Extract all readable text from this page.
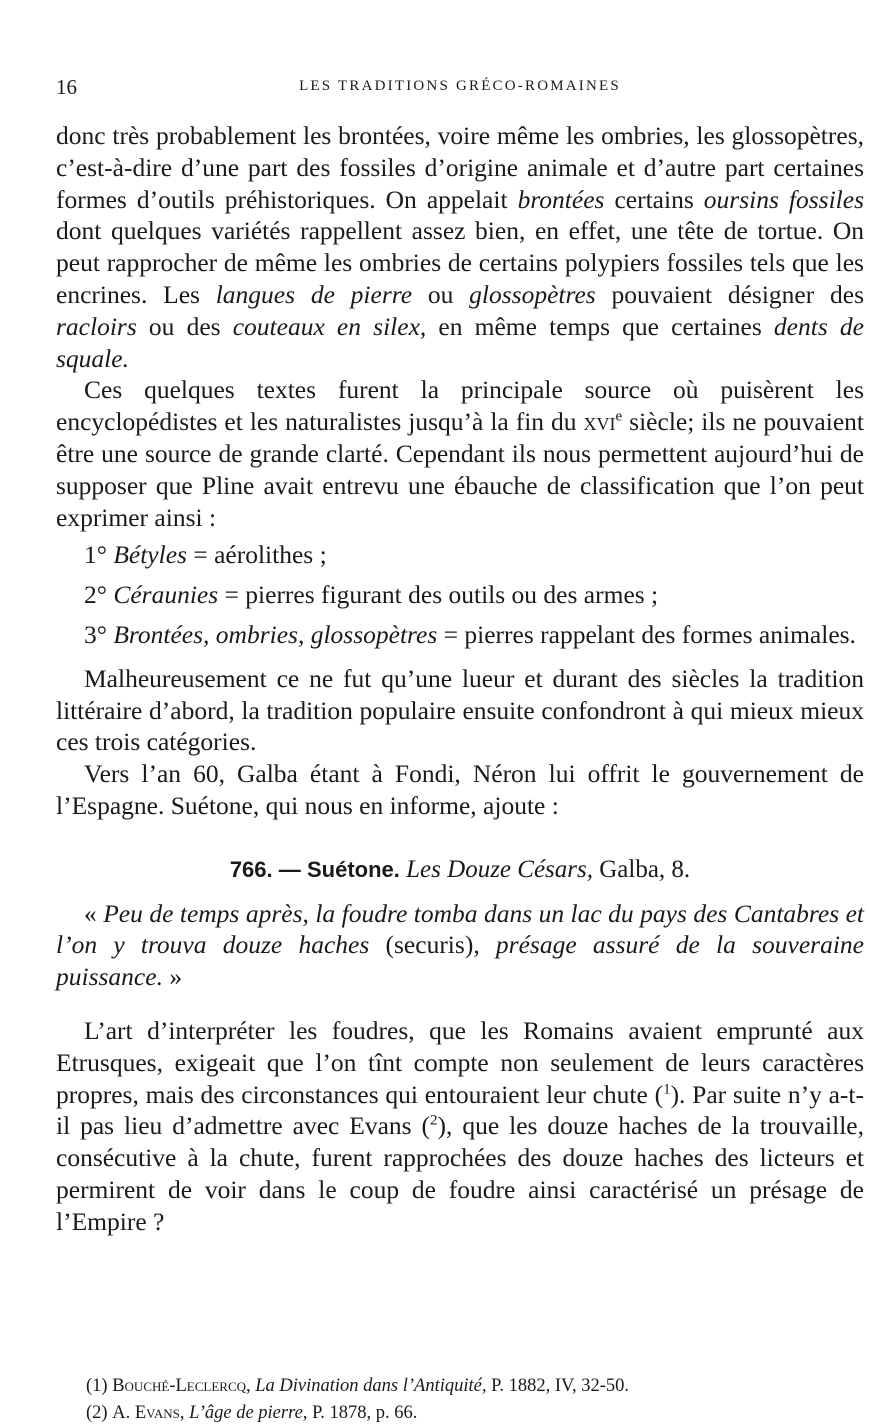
16	LES TRADITIONS GRÉCO-ROMAINES

donc très probablement les brontées, voire même les ombries, les glossopètres, c’est-à-dire d’une part des fossiles d’origine animale et d’autre part certaines formes d’outils préhistoriques. On appelait brontées certains oursins fossiles dont quelques variétés rappellent assez bien, en effet, une tête de tortue. On peut rapprocher de même les ombries de certains polypiers fossiles tels que les encrines. Les langues de pierre ou glossopètres pouvaient désigner des racloirs ou des couteaux en silex, en même temps que certaines dents de squale.

Ces quelques textes furent la principale source où puisèrent les encyclopédistes et les naturalistes jusqu’à la fin du xvi$^e$ siècle; ils ne pouvaient être une source de grande clarté. Cependant ils nous permettent aujourd’hui de supposer que Pline avait entrevu une ébauche de classification que l’on peut exprimer ainsi :

1° Bétyles = aérolithes ;

2° Céraunies = pierres figurant des outils ou des armes ;

3° Brontées, ombries, glossopètres = pierres rappelant des formes animales.

Malheureusement ce ne fut qu’une lueur et durant des siècles la tradition littéraire d’abord, la tradition populaire ensuite confondront à qui mieux mieux ces trois catégories.

Vers l’an 60, Galba étant à Fondi, Néron lui offrit le gouvernement de l’Espagne. Suétone, qui nous en informe, ajoute :

766. — Suétone. Les Douze Césars, Galba, 8.

« Peu de temps après, la foudre tomba dans un lac du pays des Cantabres et l’on y trouva douze haches (securis), présage assuré de la souveraine puissance. »

L’art d’interpréter les foudres, que les Romains avaient emprunté aux Etrusques, exigeait que l’on tînt compte non seulement de leurs caractères propres, mais des circonstances qui entouraient leur chute ($^1$). Par suite n’y a-t-il pas lieu d’admettre avec Evans ($^2$), que les douze haches de la trouvaille, consécutive à la chute, furent rapprochées des douze haches des licteurs et permirent de voir dans le coup de foudre ainsi caractérisé un présage de l’Empire ?

(1) Bouché-Leclercq, La Divination dans l’Antiquité, P. 1882, IV, 32-50.
(2) A. Evans, L’âge de pierre, P. 1878, p. 66.
